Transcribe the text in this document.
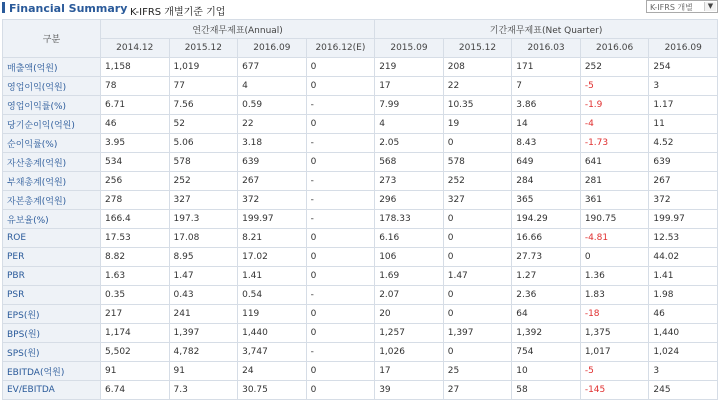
Financial Summary K-IFRS 개별기준 기업	K-IFRS 개별	▼
구분	연간재무제표(Annual)				기간재무제표(Net Quarter)				
	2014.12	2015.12	2016.09	2016.12(E)	2015.09	2015.12	2016.03	2016.06	2016.09
매출액(억원)	1,158	1,019	677	0	219	208	171	252	254
영업이익(억원)	78	77	4	0	17	22	7	-5	3
영업이익률(%)	6.71	7.56	0.59	-	7.99	10.35	3.86	-1.9	1.17
당기순이익(억원)	46	52	22	0	4	19	14	-4	11
순이익률(%)	3.95	5.06	3.18	-	2.05	0	8.43	-1.73	4.52
자산총계(억원)	534	578	639	0	568	578	649	641	639
부채총계(억원)	256	252	267	-	273	252	284	281	267
자본총계(억원)	278	327	372	-	296	327	365	361	372
유보율(%)	166.4	197.3	199.97	-	178.33	0	194.29	190.75	199.97
ROE	17.53	17.08	8.21	0	6.16	0	16.66	-4.81	12.53
PER	8.82	8.95	17.02	0	106	0	27.73	0	44.02
PBR	1.63	1.47	1.41	0	1.69	1.47	1.27	1.36	1.41
PSR	0.35	0.43	0.54	-	2.07	0	2.36	1.83	1.98
EPS(원)	217	241	119	0	20	0	64	-18	46
BPS(원)	1,174	1,397	1,440	0	1,257	1,397	1,392	1,375	1,440
SPS(원)	5,502	4,782	3,747	-	1,026	0	754	1,017	1,024
EBITDA(억원)	91	91	24	0	17	25	10	-5	3
EV/EBITDA	6.74	7.3	30.75	0	39	27	58	-145	245
